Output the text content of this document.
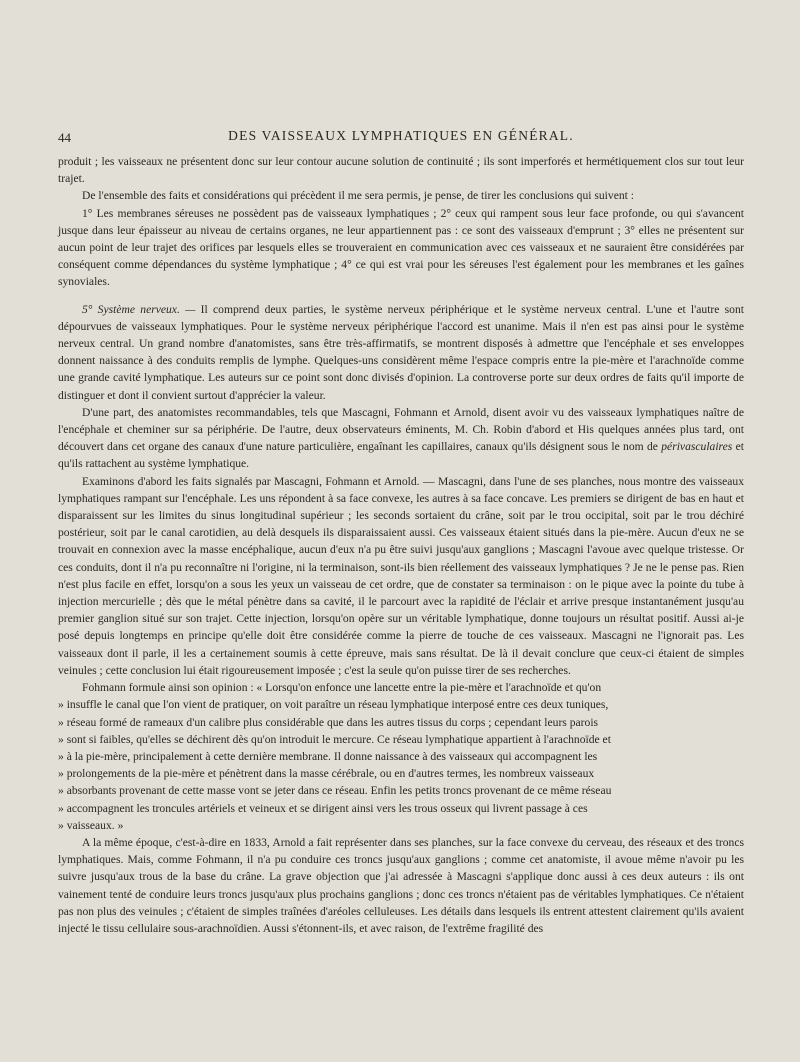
44	DES VAISSEAUX LYMPHATIQUES EN GÉNÉRAL.

produit ; les vaisseaux ne présentent donc sur leur contour aucune solution de continuité ; ils sont imperforés et hermétiquement clos sur tout leur trajet.

De l'ensemble des faits et considérations qui précèdent il me sera permis, je pense, de tirer les conclusions qui suivent :

1° Les membranes séreuses ne possèdent pas de vaisseaux lymphatiques ; 2° ceux qui rampent sous leur face profonde, ou qui s'avancent jusque dans leur épaisseur au niveau de certains organes, ne leur appartiennent pas : ce sont des vaisseaux d'emprunt ; 3° elles ne présentent sur aucun point de leur trajet des orifices par lesquels elles se trouveraient en communication avec ces vaisseaux et ne sauraient être considérées par conséquent comme dépendances du système lymphatique ; 4° ce qui est vrai pour les séreuses l'est également pour les membranes et les gaînes synoviales.

5° Système nerveux. — Il comprend deux parties, le système nerveux périphérique et le système nerveux central. L'une et l'autre sont dépourvues de vaisseaux lymphatiques. Pour le système nerveux périphérique l'accord est unanime. Mais il n'en est pas ainsi pour le système nerveux central. Un grand nombre d'anatomistes, sans être très-affirmatifs, se montrent disposés à admettre que l'encéphale et ses enveloppes donnent naissance à des conduits remplis de lymphe. Quelques-uns considèrent même l'espace compris entre la pie-mère et l'arachnoïde comme une grande cavité lymphatique. Les auteurs sur ce point sont donc divisés d'opinion. La controverse porte sur deux ordres de faits qu'il importe de distinguer et dont il convient surtout d'apprécier la valeur.

D'une part, des anatomistes recommandables, tels que Mascagni, Fohmann et Arnold, disent avoir vu des vaisseaux lymphatiques naître de l'encéphale et cheminer sur sa périphérie. De l'autre, deux observateurs éminents, M. Ch. Robin d'abord et His quelques années plus tard, ont découvert dans cet organe des canaux d'une nature particulière, engaînant les capillaires, canaux qu'ils désignent sous le nom de périvasculaires et qu'ils rattachent au système lymphatique.

Examinons d'abord les faits signalés par Mascagni, Fohmann et Arnold. — Mascagni, dans l'une de ses planches, nous montre des vaisseaux lymphatiques rampant sur l'encéphale. Les uns répondent à sa face convexe, les autres à sa face concave. Les premiers se dirigent de bas en haut et disparaissent sur les limites du sinus longitudinal supérieur ; les seconds sortaient du crâne, soit par le trou occipital, soit par le trou déchiré postérieur, soit par le canal carotidien, au delà desquels ils disparaissaient aussi. Ces vaisseaux étaient situés dans la pie-mère. Aucun d'eux ne se trouvait en connexion avec la masse encéphalique, aucun d'eux n'a pu être suivi jusqu'aux ganglions ; Mascagni l'avoue avec quelque tristesse. Or ces conduits, dont il n'a pu reconnaître ni l'origine, ni la terminaison, sont-ils bien réellement des vaisseaux lymphatiques ? Je ne le pense pas. Rien n'est plus facile en effet, lorsqu'on a sous les yeux un vaisseau de cet ordre, que de constater sa terminaison : on le pique avec la pointe du tube à injection mercurielle ; dès que le métal pénètre dans sa cavité, il le parcourt avec la rapidité de l'éclair et arrive presque instantanément jusqu'au premier ganglion situé sur son trajet. Cette injection, lorsqu'on opère sur un véritable lymphatique, donne toujours un résultat positif. Aussi ai-je posé depuis longtemps en principe qu'elle doit être considérée comme la pierre de touche de ces vaisseaux. Mascagni ne l'ignorait pas. Les vaisseaux dont il parle, il les a certainement soumis à cette épreuve, mais sans résultat. De là il devait conclure que ceux-ci étaient de simples veinules ; cette conclusion lui était rigoureusement imposée ; c'est la seule qu'on puisse tirer de ses recherches.

Fohmann formule ainsi son opinion : « Lorsqu'on enfonce une lancette entre la pie-mère et l'arachnoïde et qu'on

» insuffle le canal que l'on vient de pratiquer, on voit paraître un réseau lymphatique interposé entre ces deux tuniques,

» réseau formé de rameaux d'un calibre plus considérable que dans les autres tissus du corps ; cependant leurs parois

» sont si faibles, qu'elles se déchirent dès qu'on introduit le mercure. Ce réseau lymphatique appartient à l'arachnoïde et

» à la pie-mère, principalement à cette dernière membrane. Il donne naissance à des vaisseaux qui accompagnent les

» prolongements de la pie-mère et pénètrent dans la masse cérébrale, ou en d'autres termes, les nombreux vaisseaux

» absorbants provenant de cette masse vont se jeter dans ce réseau. Enfin les petits troncs provenant de ce même réseau

» accompagnent les troncules artériels et veineux et se dirigent ainsi vers les trous osseux qui livrent passage à ces

» vaisseaux. »

A la même époque, c'est-à-dire en 1833, Arnold a fait représenter dans ses planches, sur la face convexe du cerveau, des réseaux et des troncs lymphatiques. Mais, comme Fohmann, il n'a pu conduire ces troncs jusqu'aux ganglions ; comme cet anatomiste, il avoue même n'avoir pu les suivre jusqu'aux trous de la base du crâne. La grave objection que j'ai adressée à Mascagni s'applique donc aussi à ces deux auteurs : ils ont vainement tenté de conduire leurs troncs jusqu'aux plus prochains ganglions ; donc ces troncs n'étaient pas de véritables lymphatiques. Ce n'étaient pas non plus des veinules ; c'étaient de simples traînées d'aréoles celluleuses. Les détails dans lesquels ils entrent attestent clairement qu'ils avaient injecté le tissu cellulaire sous-arachnoïdien. Aussi s'étonnent-ils, et avec raison, de l'extrême fragilité des
